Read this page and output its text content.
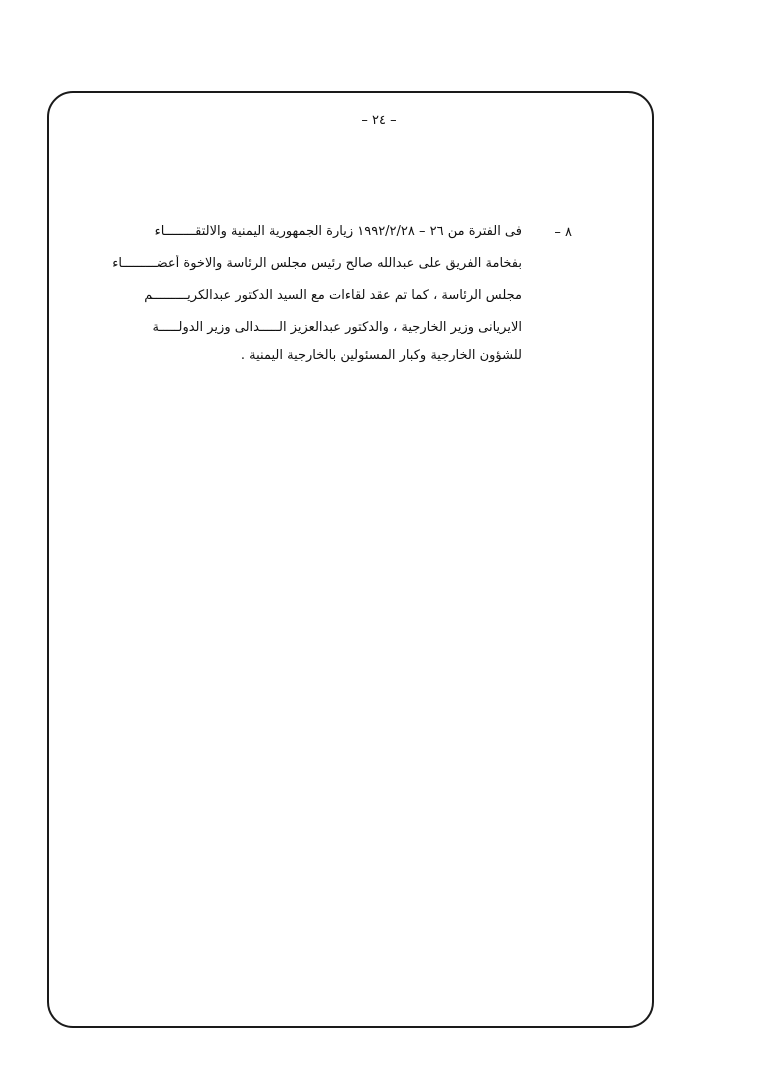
– ٢٤ –
٨ –
فى الفترة من ٢٦ – ١٩٩٢/٢/٢٨ زيارة الجمهورية اليمنية والالتقــــــــاء
بفخامة الفريق على عبدالله صالح رئيس مجلس الرئاسة والاخوة أعضـــــــــاء
مجلس الرئاسة ، كما تم عقد لقاءات مع السيد الدكتور عبدالكريـــــــــم
الايريانى وزير الخارجية ، والدكتور عبدالعزيز الـــــدالى وزير الدولـــــة
للشؤون الخارجية وكبار المسئولين بالخارجية اليمنية .
